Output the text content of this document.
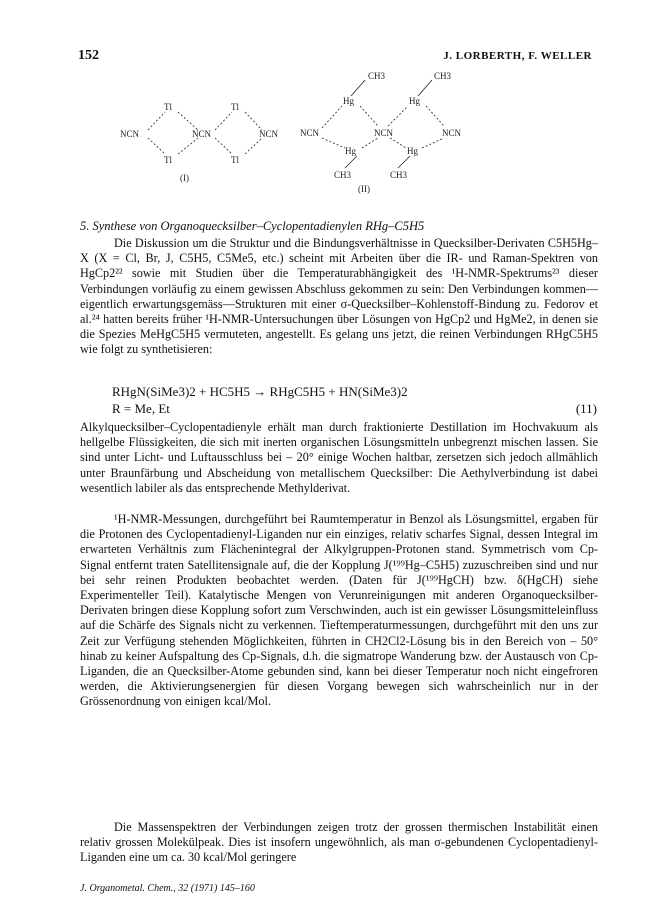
152	J. LORBERTH, F. WELLER
Tl	Tl
Tl	Tl
NCN	NCN	NCN
(I)
CH3	CH3
Hg	Hg
Hg	Hg
NCN	NCN	NCN
CH3	CH3
(II)
5. Synthese von Organoquecksilber–Cyclopentadienylen RHg–C5H5

Die Diskussion um die Struktur und die Bindungsverhältnisse in Quecksilber-Derivaten C5H5Hg–X (X = Cl, Br, J, C5H5, C5Me5, etc.) scheint mit Arbeiten über die IR- und Raman-Spektren von HgCp2²² sowie mit Studien über die Temperaturabhängigkeit des ¹H-NMR-Spektrums²³ dieser Verbindungen vorläufig zu einem gewissen Abschluss gekommen zu sein: Den Verbindungen kommen—eigentlich erwartungsgemäss—Strukturen mit einer σ-Quecksilber–Kohlenstoff-Bindung zu. Fedorov et al.²⁴ hatten bereits früher ¹H-NMR-Untersuchungen über Lösungen von HgCp2 und HgMe2, in denen sie die Spezies MeHgC5H5 vermuteten, angestellt. Es gelang uns jetzt, die reinen Verbindungen RHgC5H5 wie folgt zu synthetisieren:

RHgN(SiMe3)2 + HC5H5 → RHgC5H5 + HN(SiMe3)2
R = Me, Et	(11)

Alkylquecksilber–Cyclopentadienyle erhält man durch fraktionierte Destillation im Hochvakuum als hellgelbe Flüssigkeiten, die sich mit inerten organischen Lösungsmitteln unbegrenzt mischen lassen. Sie sind unter Licht- und Luftausschluss bei – 20° einige Wochen haltbar, zersetzen sich jedoch allmählich unter Braunfärbung und Abscheidung von metallischem Quecksilber: Die Aethylverbindung ist dabei wesentlich labiler als das entsprechende Methylderivat.

¹H-NMR-Messungen, durchgeführt bei Raumtemperatur in Benzol als Lösungsmittel, ergaben für die Protonen des Cyclopentadienyl-Liganden nur ein einziges, relativ scharfes Signal, dessen Integral im erwarteten Verhältnis zum Flächenintegral der Alkylgruppen-Protonen stand. Symmetrisch vom Cp-Signal entfernt traten Satellitensignale auf, die der Kopplung J(¹⁹⁹Hg–C5H5) zuzuschreiben sind und nur bei sehr reinen Produkten beobachtet werden. (Daten für J(¹⁹⁹HgCH) bzw. δ(HgCH) siehe Experimenteller Teil). Katalytische Mengen von Verunreinigungen mit anderen Organoquecksilber-Derivaten bringen diese Kopplung sofort zum Verschwinden, auch ist ein gewisser Lösungsmitteleinfluss auf die Schärfe des Signals nicht zu verkennen. Tieftemperaturmessungen, durchgeführt mit den uns zur Zeit zur Verfügung stehenden Möglichkeiten, führten in CH2Cl2-Lösung bis in den Bereich von – 50° hinab zu keiner Aufspaltung des Cp-Signals, d.h. die sigmatrope Wanderung bzw. der Austausch von Cp-Liganden, die an Quecksilber-Atome gebunden sind, kann bei dieser Temperatur noch nicht eingefroren werden, die Aktivierungsenergien für diesen Vorgang bewegen sich wahrscheinlich nur in der Grössenordnung von einigen kcal/Mol.

Die Massenspektren der Verbindungen zeigen trotz der grossen thermischen Instabilität einen relativ grossen Molekülpeak. Dies ist insofern ungewöhnlich, als man σ-gebundenen Cyclopentadienyl-Liganden eine um ca. 30 kcal/Mol geringere

J. Organometal. Chem., 32 (1971) 145–160
